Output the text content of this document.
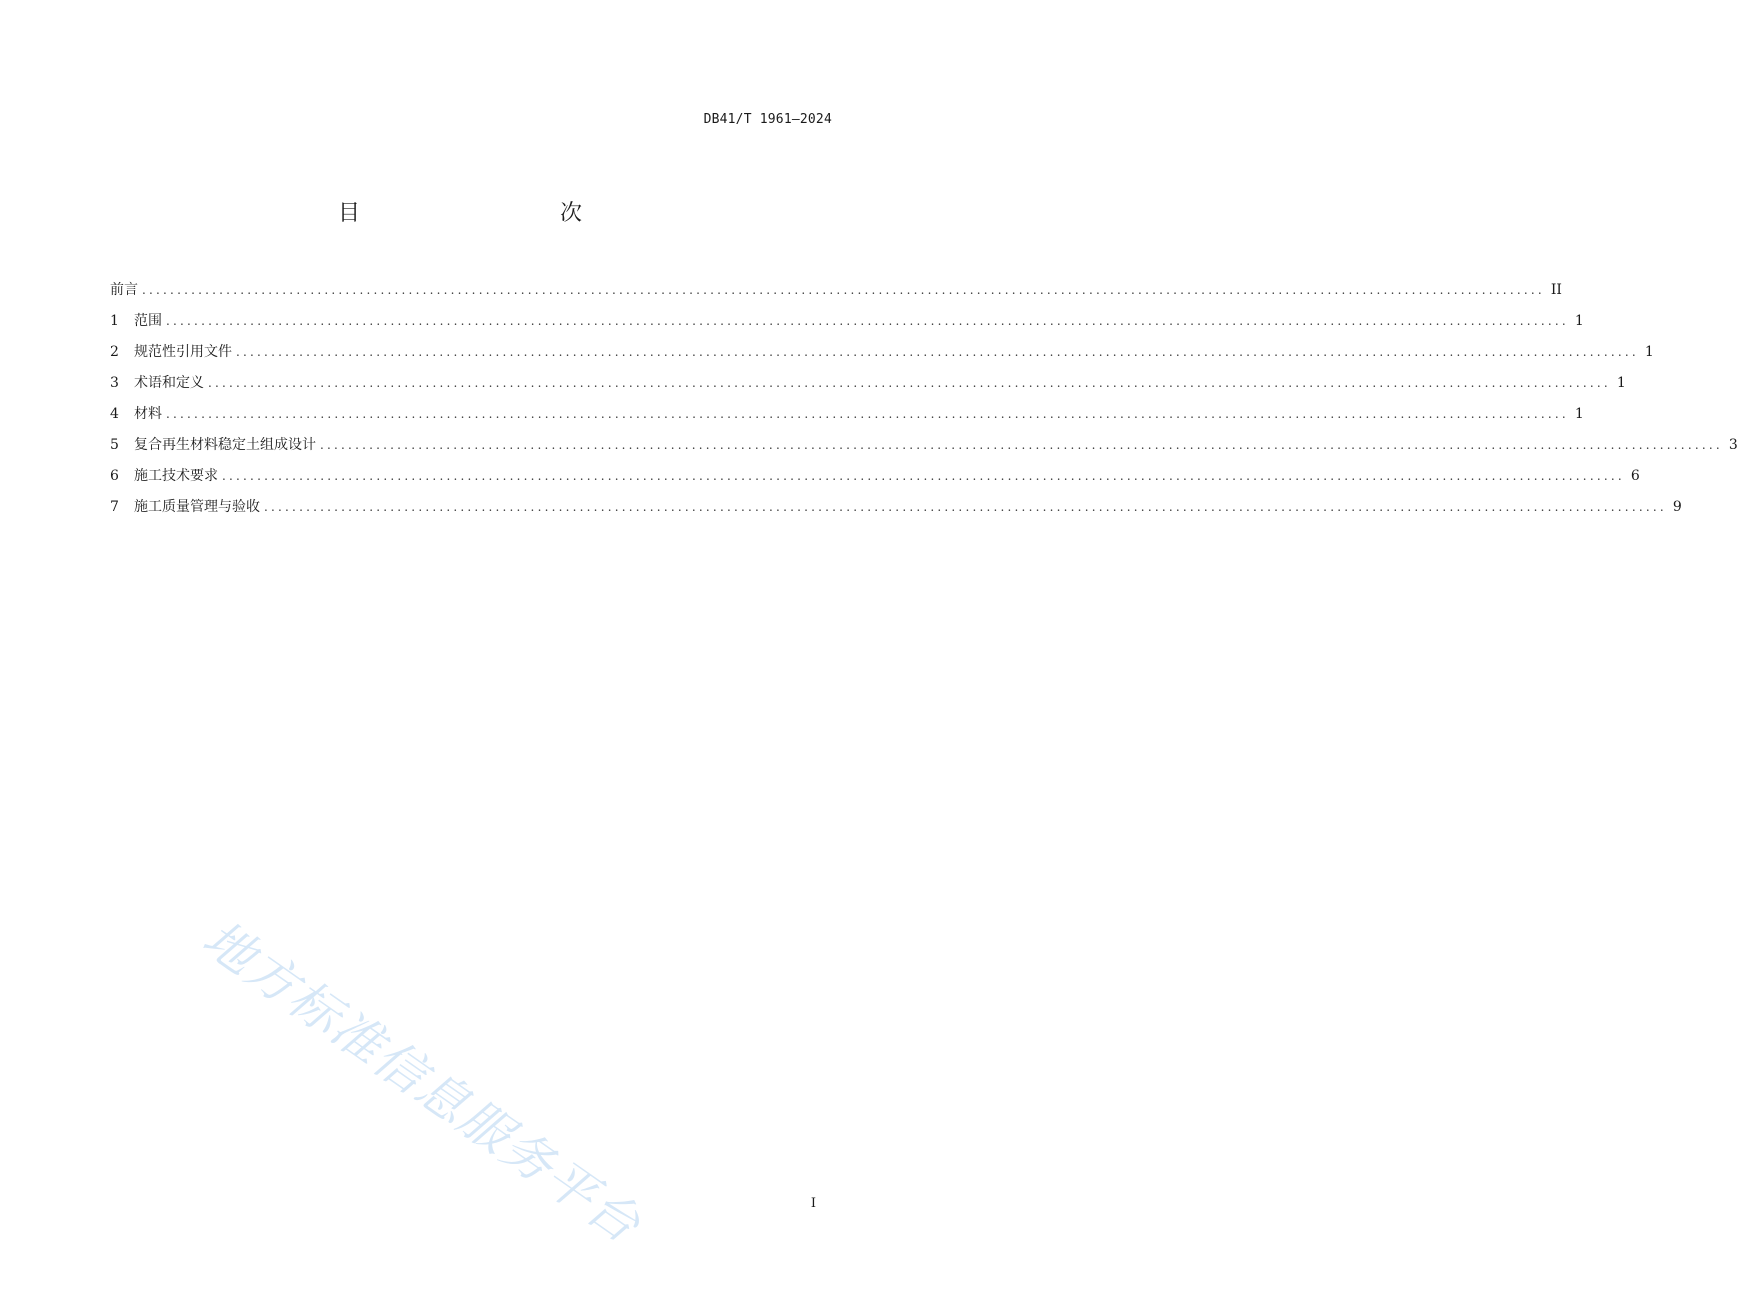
DB41/T 1961—2024
目　　次
前言 ........................................................................................................................................................................................................ II
1	范围 ........................................................................................................................................................................................................ 1
2	规范性引用文件 ........................................................................................................................................................................................................ 1
3	术语和定义 ........................................................................................................................................................................................................ 1
4	材料 ........................................................................................................................................................................................................ 1
5	复合再生材料稳定土组成设计 ........................................................................................................................................................................................................ 3
6	施工技术要求 ........................................................................................................................................................................................................ 6
7	施工质量管理与验收 ........................................................................................................................................................................................................ 9
地方标准信息服务平台	I
